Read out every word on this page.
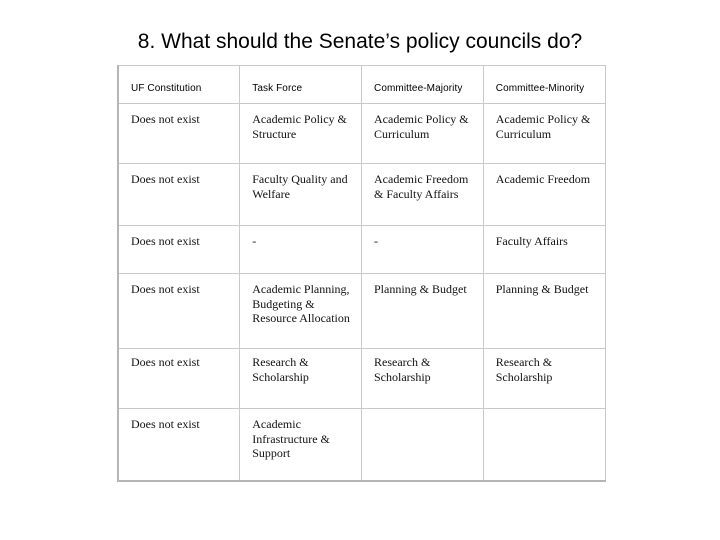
8. What should the Senate’s policy councils do?
UF Constitution	Task Force	Committee-Majority	Committee-Minority
Does not exist	Academic Policy & Structure	Academic Policy & Curriculum	Academic Policy & Curriculum
Does not exist	Faculty Quality and Welfare	Academic Freedom & Faculty Affairs	Academic Freedom
Does not exist	-	-	Faculty Affairs

Does not exist	Academic Planning, Budgeting & Resource Allocation	Planning & Budget	Planning & Budget

Does not exist	Research & Scholarship	Research & Scholarship	Research & Scholarship

Does not exist	Academic Infrastructure & Support		
